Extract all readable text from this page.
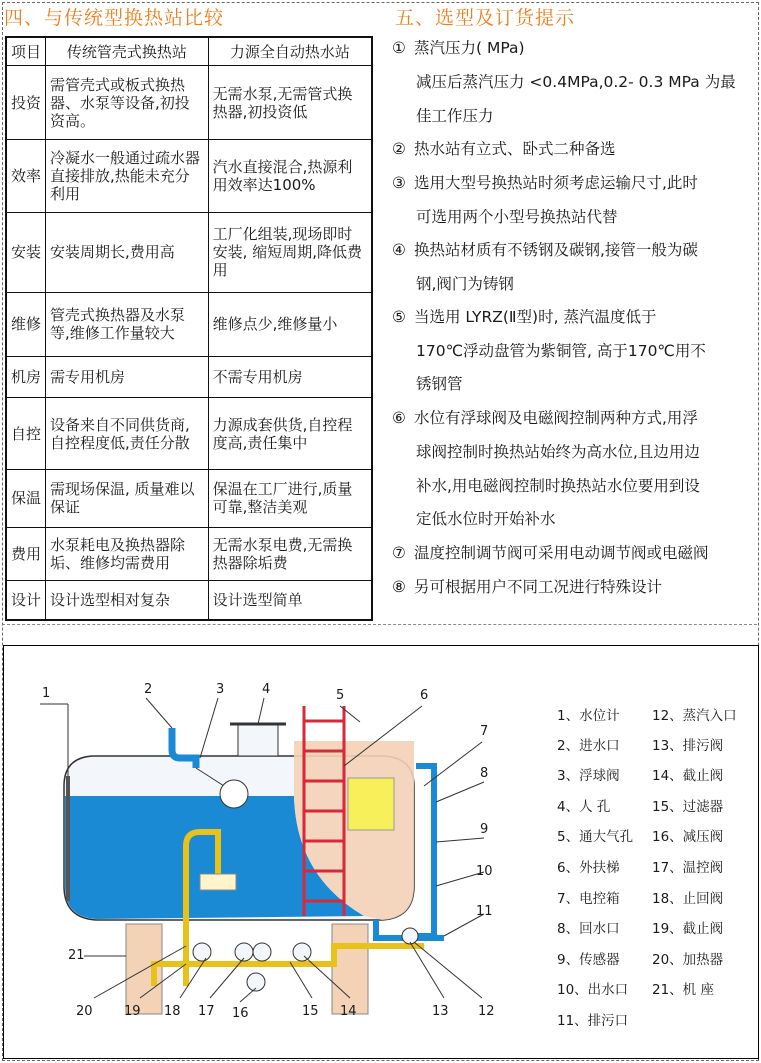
四、与传统型换热站比较	五、选型及订货提示
项目	传统管壳式换热站	力源全自动热水站
投资	需管壳式或板式换热器、水泵等设备,初投资高。	无需水泵,无需管式换热器,初投资低
效率	冷凝水一般通过疏水器直接排放,热能未充分利用	汽水直接混合,热源利用效率达100%
安装	安装周期长,费用高	工厂化组装,现场即时安装, 缩短周期,降低费用
维修	管壳式换热器及水泵等,维修工作量较大	维修点少,维修量小
机房	需专用机房	不需专用机房
自控	设备来自不同供货商,自控程度低,责任分散	力源成套供货,自控程度高,责任集中
保温	需现场保温, 质量难以保证	保温在工厂进行,质量可靠,整洁美观
费用	水泵耗电及换热器除垢、维修均需费用	无需水泵电费,无需换热器除垢费
设计	设计选型相对复杂	设计选型简单
① 蒸汽压力( MPa)
减压后蒸汽压力 <0.4MPa,0.2- 0.3 MPa 为最
佳工作压力
② 热水站有立式、卧式二种备选
③ 选用大型号换热站时须考虑运输尺寸,此时
可选用两个小型号换热站代替
④ 换热站材质有不锈钢及碳钢,接管一般为碳
钢,阀门为铸钢
⑤ 当选用 LYRZ(Ⅱ型)时, 蒸汽温度低于
170℃浮动盘管为紫铜管, 高于170℃用不
锈钢管
⑥ 水位有浮球阀及电磁阀控制两种方式,用浮
球阀控制时换热站始终为高水位,且边用边
补水,用电磁阀控制时换热站水位要用到设
定低水位时开始补水
⑦ 温度控制调节阀可采用电动调节阀或电磁阀
⑧ 另可根据用户不同工况进行特殊设计
1	2	3	4	5	6
7
8
9
10
11
12
13
14
15
16
17
18
19
20
21
1、水位计 12、蒸汽入口
2、进水口 13、排污阀
3、浮球阀 14、截止阀
4、人 孔	15、过滤器
5、通大气孔 16、减压阀
6、外扶梯 17、温控阀
7、电控箱 18、止回阀
8、回水口 19、截止阀
9、传感器 20、加热器
10、出水口 21、机 座
11、排污口
